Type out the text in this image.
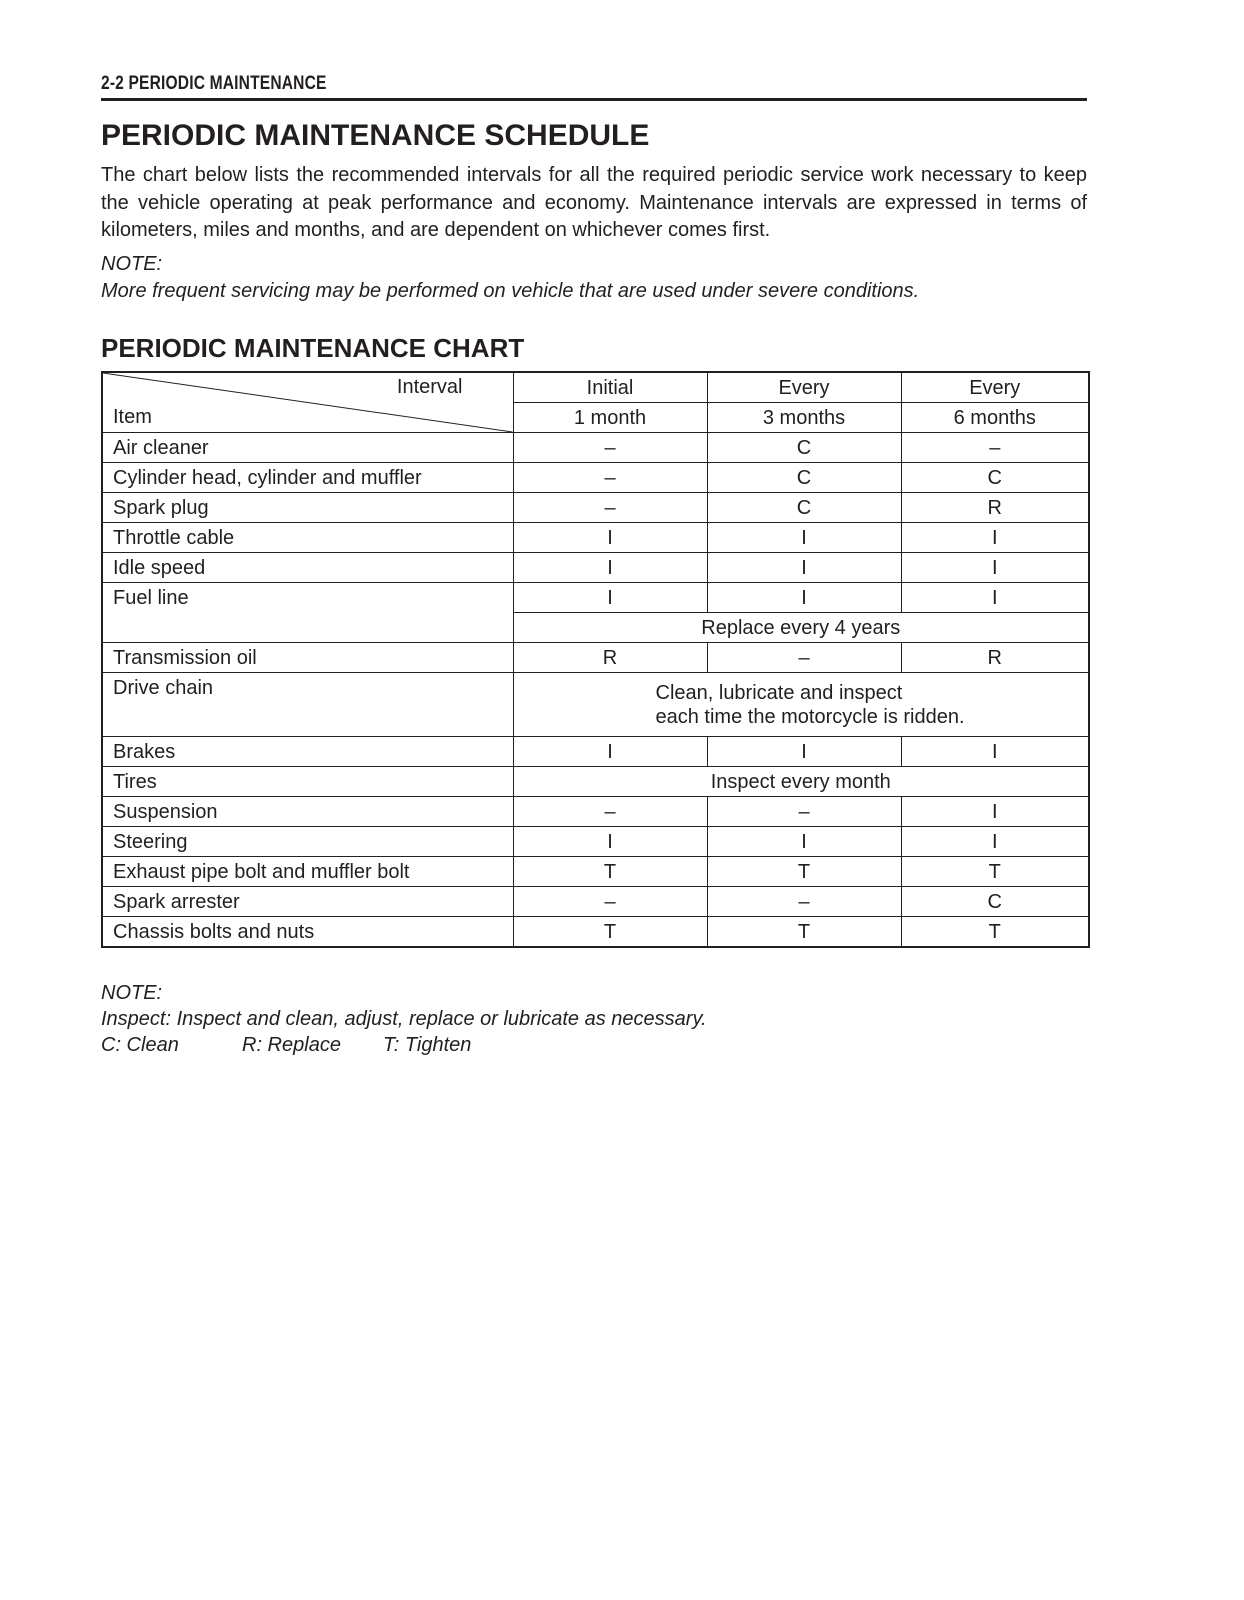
2-2 PERIODIC MAINTENANCE
PERIODIC MAINTENANCE SCHEDULE

The chart below lists the recommended intervals for all the required periodic service work necessary to keep the vehicle operating at peak performance and economy. Maintenance intervals are expressed in terms of kilometers, miles and months, and are dependent on whichever comes first.

NOTE:

More frequent servicing may be performed on vehicle that are used under severe conditions.

PERIODIC MAINTENANCE CHART
Interval
Item	Initial	Every	Every
	1 month	3 months	6 months
Air cleaner	–	C	–
Cylinder head, cylinder and muffler	–	C	C
Spark plug	–	C	R
Throttle cable	I	I	I
Idle speed	I	I	I
Fuel line	I	I	I
	Replace every 4 years		
Transmission oil	R	–	R
Drive chain	Clean, lubricate and inspect
each time the motorcycle is ridden.		

Brakes	I	I	I
Tires	Inspect every month		
Suspension	–	–	I
Steering	I	I	I
Exhaust pipe bolt and muffler bolt	T	T	T
Spark arrester	–	–	C
Chassis bolts and nuts	T	T	T

NOTE:

Inspect: Inspect and clean, adjust, replace or lubricate as necessary.

C: Clean	R: Replace T: Tighten
